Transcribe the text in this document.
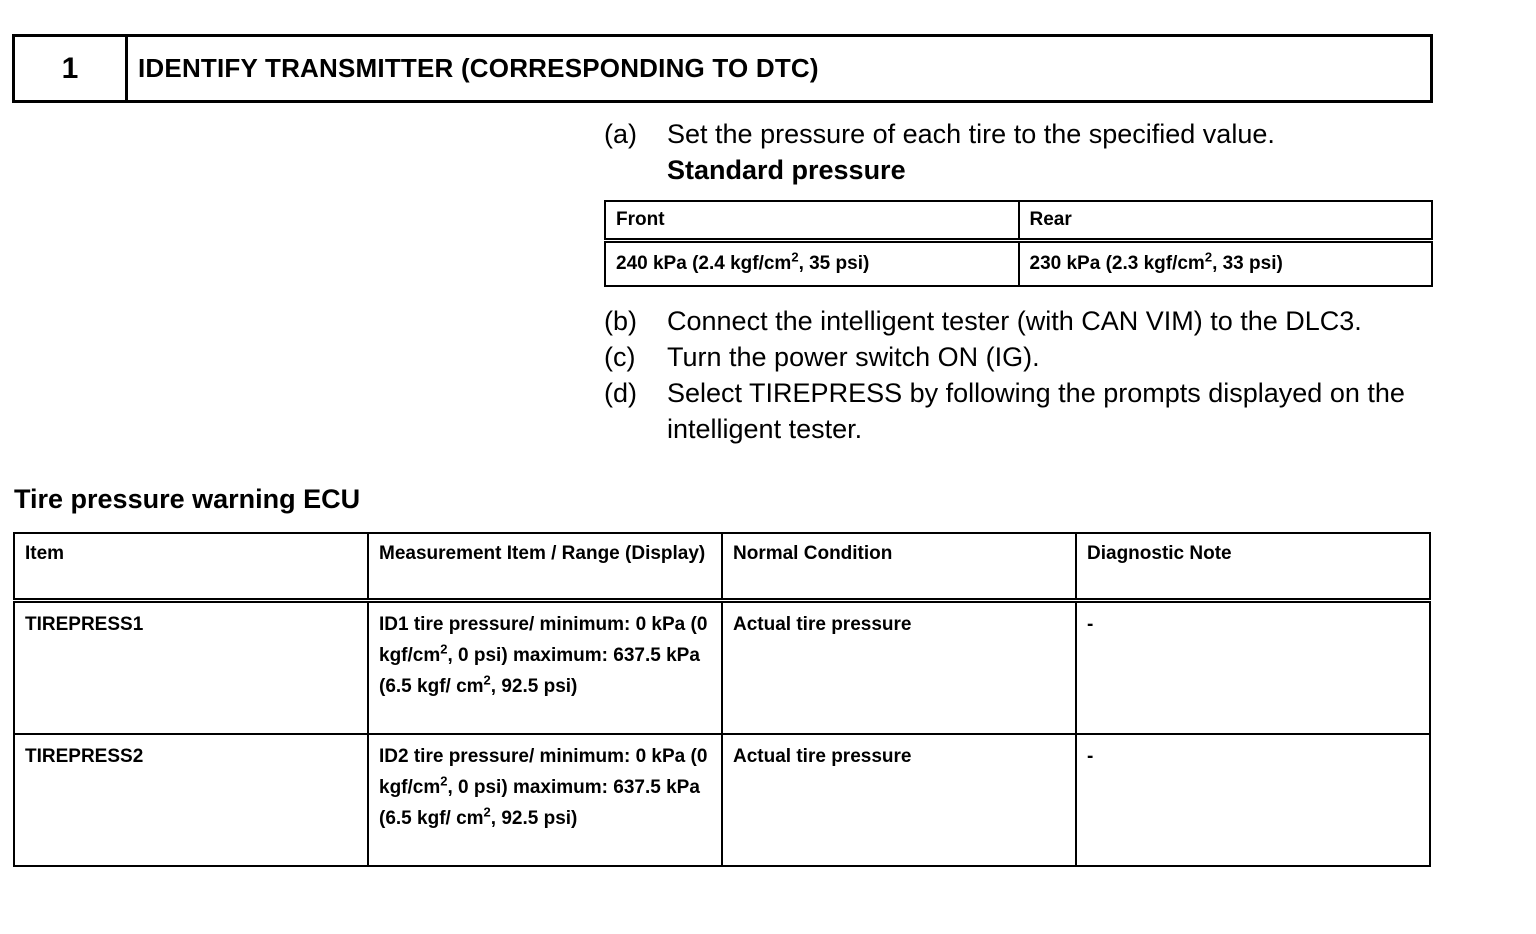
1	IDENTIFY TRANSMITTER (CORRESPONDING TO DTC)
(a)	Set the pressure of each tire to the specified value.
Standard pressure
Front	Rear
240 kPa (2.4 kgf/$cm^2$, 35 psi)	230 kPa (2.3 kgf/$cm^2$, 33 psi)
(b)	Connect the intelligent tester (with CAN VIM) to the DLC3.
(c)	Turn the power switch ON (IG).
(d)	Select TIREPRESS by following the prompts displayed on the intelligent tester.
Tire pressure warning ECU
Item	Measurement Item / Range (Display)	Normal Condition	Diagnostic Note
TIREPRESS1	ID1 tire pressure/ minimum: 0 kPa (0 kgf/$cm^2$, 0 psi) maximum: 637.5 kPa (6.5 kgf/ $cm^2$, 92.5 psi)	Actual tire pressure	-
TIREPRESS2	ID2 tire pressure/ minimum: 0 kPa (0 kgf/$cm^2$, 0 psi) maximum: 637.5 kPa (6.5 kgf/ $cm^2$, 92.5 psi)	Actual tire pressure	-
